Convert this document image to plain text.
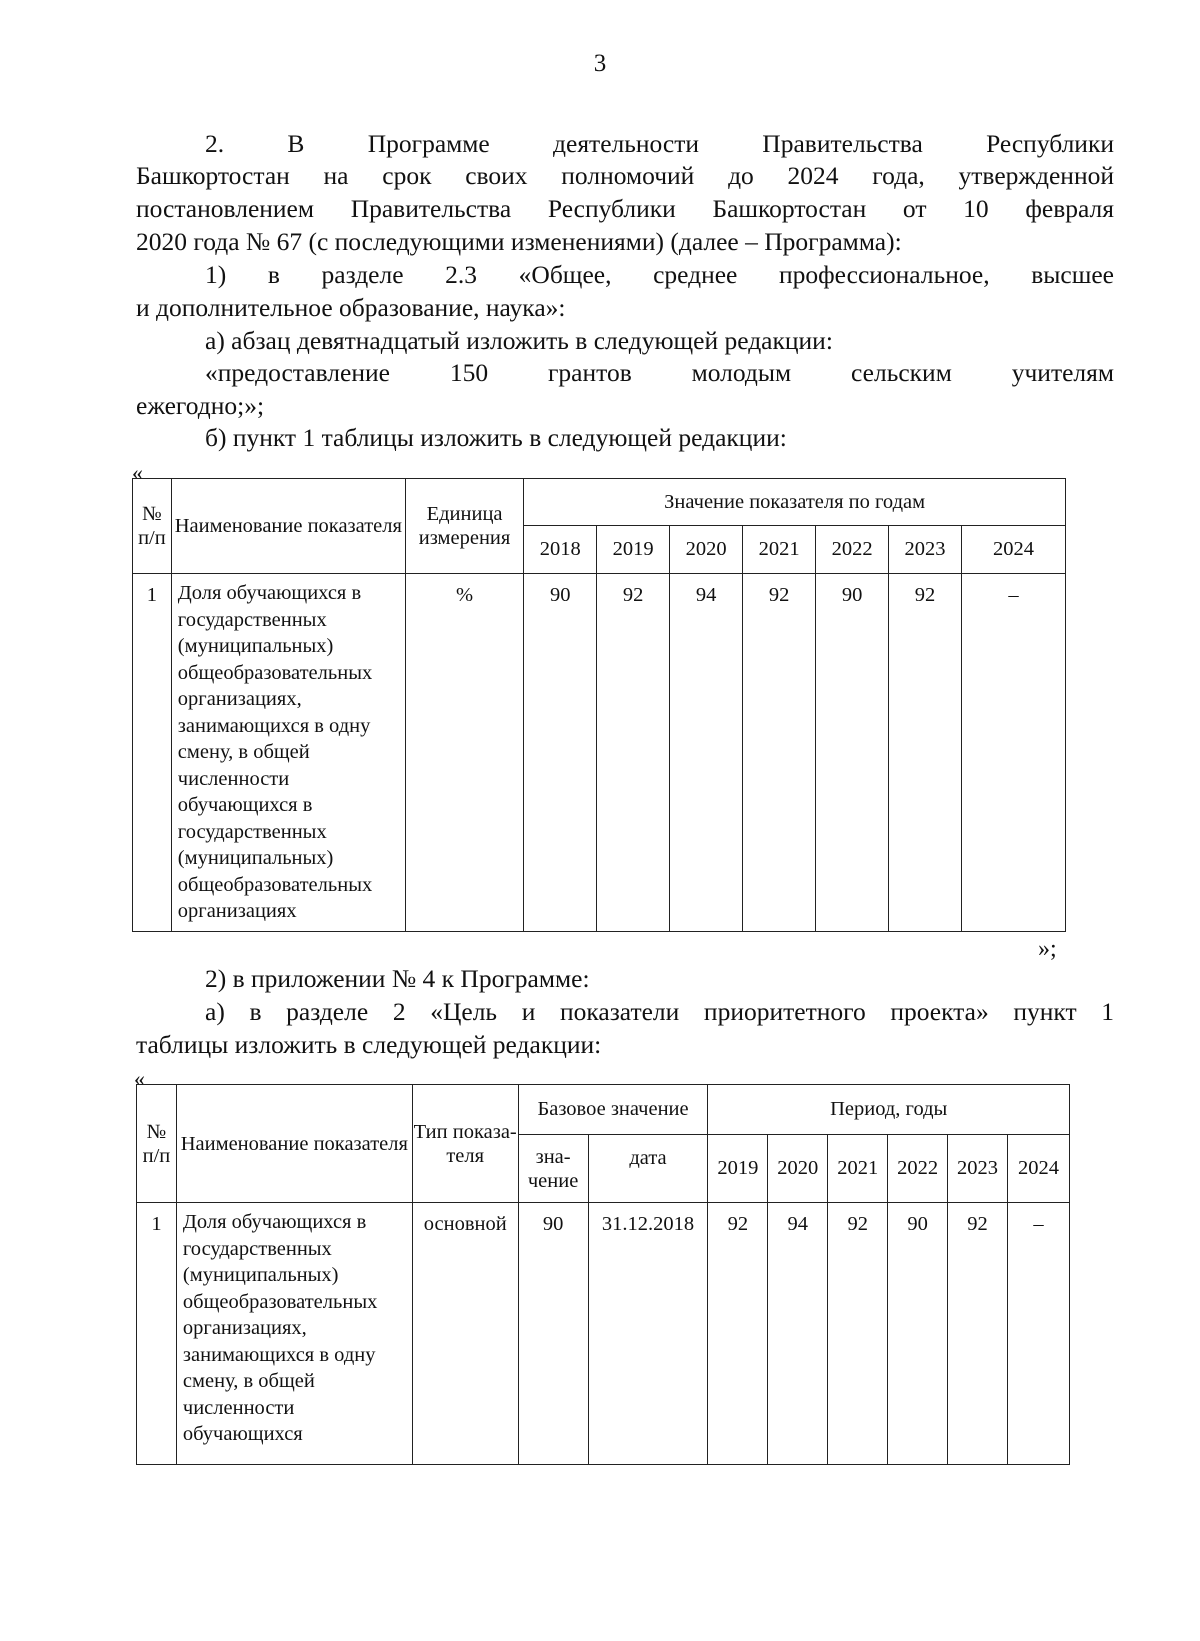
3

2. В Программе деятельности Правительства Республики

Башкортостан на срок своих полномочий до 2024 года, утвержденной

постановлением Правительства Республики Башкортостан от 10 февраля

2020 года № 67 (с последующими изменениями) (далее – Программа):

1) в разделе 2.3 «Общее, среднее профессиональное, высшее

и дополнительное образование, наука»:

а) абзац девятнадцатый изложить в следующей редакции:

«предоставление 150 грантов молодым сельским учителям

ежегодно;»;

б) пункт 1 таблицы изложить в следующей редакции:

«
№ п/п	Наименование показателя	Единица измерения	Значение показателя по годам						
			2018	2019	2020	2021	2022	2023	2024
1	Доля обучающихся в государственных (муниципальных) общеобразовательных организациях, занимающихся в одну смену, в общей численности обучающихся в государственных (муниципальных) общеобразовательных организациях	%	90	92	94	92	90	92	–
»;

2) в приложении № 4 к Программе:

а) в разделе 2 «Цель и показатели приоритетного проекта» пункт 1

таблицы изложить в следующей редакции:

«
№ п/п	Наименование показателя	Тип показа-теля	Базовое значение		Период, годы					
			зна-чение	дата	2019	2020	2021	2022	2023	2024
1	Доля обучающихся в государственных (муниципальных) общеобразовательных организациях, занимающихся в одну смену, в общей численности обучающихся	основной	90	31.12.2018	92	94	92	90	92	–
